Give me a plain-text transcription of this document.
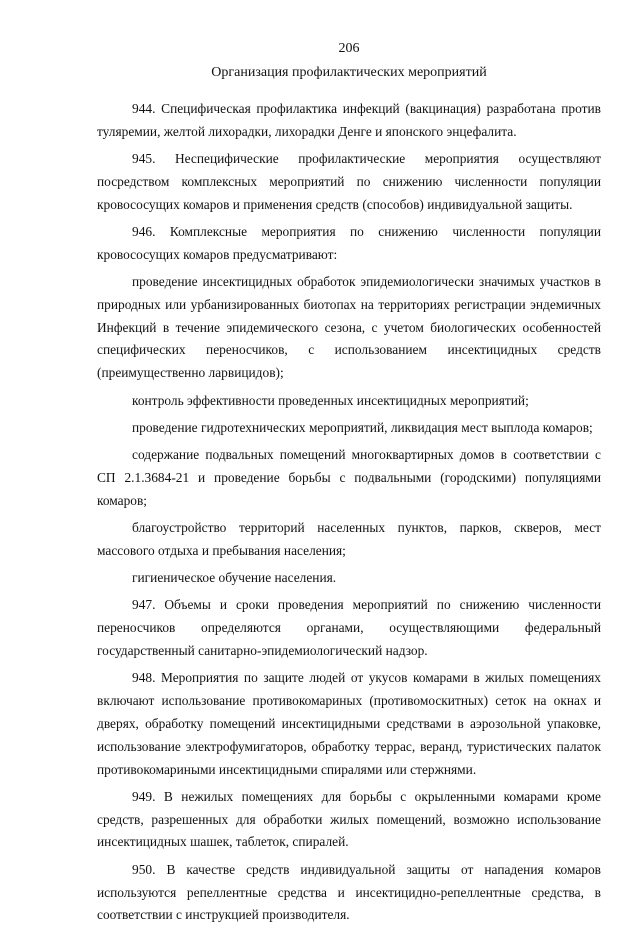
206
Организация профилактических мероприятий

944. Специфическая профилактика инфекций (вакцинация) разработана против туляремии, желтой лихорадки, лихорадки Денге и японского энцефалита.

945. Неспецифические профилактические мероприятия осуществляют посредством комплексных мероприятий по снижению численности популяции кровососущих комаров и применения средств (способов) индивидуальной защиты.

946. Комплексные мероприятия по снижению численности популяции кровососущих комаров предусматривают:

проведение инсектицидных обработок эпидемиологически значимых участков в природных или урбанизированных биотопах на территориях регистрации эндемичных Инфекций в течение эпидемического сезона, с учетом биологических особенностей специфических переносчиков, с использованием инсектицидных средств (преимущественно ларвицидов);

контроль эффективности проведенных инсектицидных мероприятий;

проведение гидротехнических мероприятий, ликвидация мест выплода комаров;

содержание подвальных помещений многоквартирных домов в соответствии с СП 2.1.3684-21 и проведение борьбы с подвальными (городскими) популяциями комаров;

благоустройство территорий населенных пунктов, парков, скверов, мест массового отдыха и пребывания населения;

гигиеническое обучение населения.

947. Объемы и сроки проведения мероприятий по снижению численности переносчиков определяются органами, осуществляющими федеральный государственный санитарно-эпидемиологический надзор.

948. Мероприятия по защите людей от укусов комарами в жилых помещениях включают использование противокомариных (противомоскитных) сеток на окнах и дверях, обработку помещений инсектицидными средствами в аэрозольной упаковке, использование электрофумигаторов, обработку террас, веранд, туристических палаток противокомариными инсектицидными спиралями или стержнями.

949. В нежилых помещениях для борьбы с окрыленными комарами кроме средств, разрешенных для обработки жилых помещений, возможно использование инсектицидных шашек, таблеток, спиралей.

950. В качестве средств индивидуальной защиты от нападения комаров используются репеллентные средства и инсектицидно-репеллентные средства, в соответствии с инструкцией производителя.
